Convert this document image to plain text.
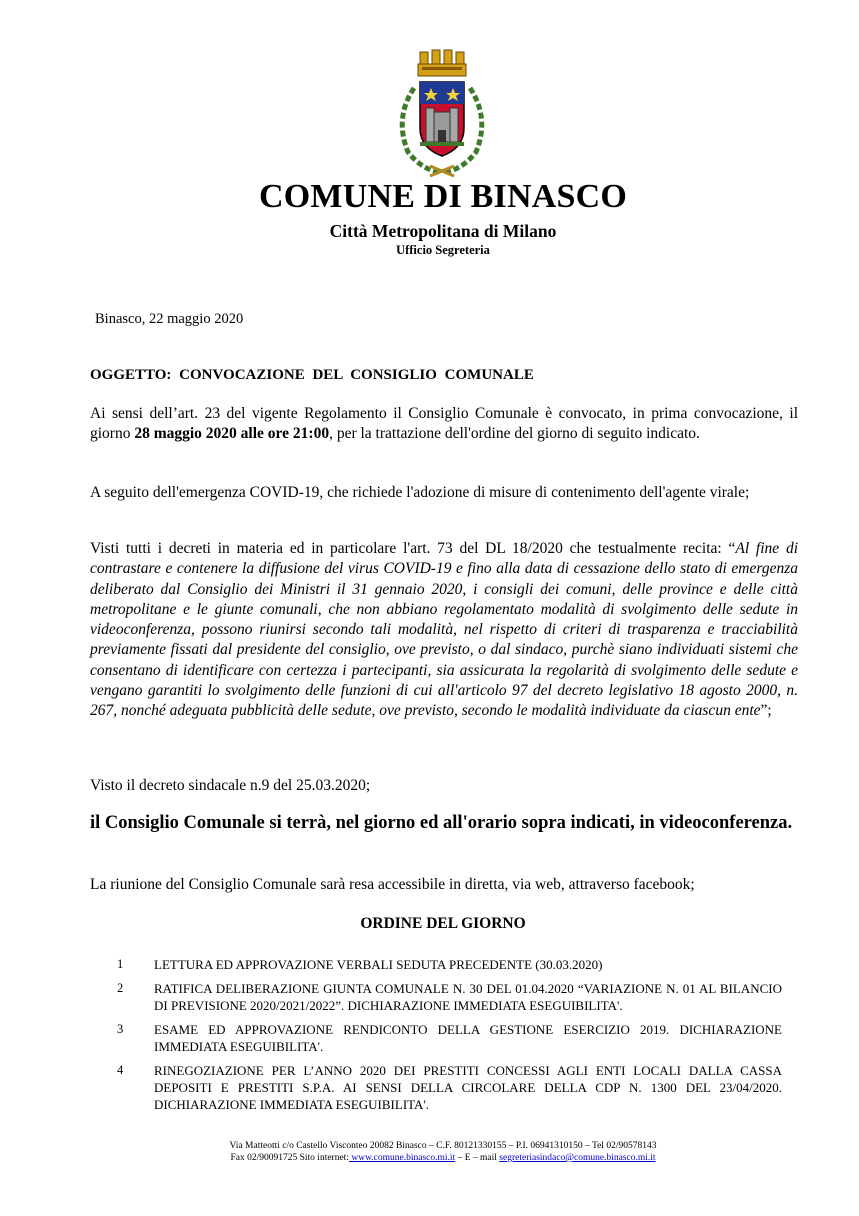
COMUNE DI BINASCO
Città Metropolitana di Milano
Ufficio Segreteria
Binasco, 22 maggio 2020
OGGETTO: CONVOCAZIONE DEL CONSIGLIO COMUNALE

Ai sensi dell’art. 23 del vigente Regolamento il Consiglio Comunale è convocato, in prima convocazione, il giorno 28 maggio 2020 alle ore 21:00, per la trattazione dell'ordine del giorno di seguito indicato.

A seguito dell'emergenza COVID-19, che richiede l'adozione di misure di contenimento dell'agente virale;

Visti tutti i decreti in materia ed in particolare l'art. 73 del DL 18/2020 che testualmente recita: “Al fine di contrastare e contenere la diffusione del virus COVID-19 e fino alla data di cessazione dello stato di emergenza deliberato dal Consiglio dei Ministri il 31 gennaio 2020, i consigli dei comuni, delle province e delle città metropolitane e le giunte comunali, che non abbiano regolamentato modalità di svolgimento delle sedute in videoconferenza, possono riunirsi secondo tali modalità, nel rispetto di criteri di trasparenza e tracciabilità previamente fissati dal presidente del consiglio, ove previsto, o dal sindaco, purchè siano individuati sistemi che consentano di identificare con certezza i partecipanti, sia assicurata la regolarità di svolgimento delle sedute e vengano garantiti lo svolgimento delle funzioni di cui all'articolo 97 del decreto legislativo 18 agosto 2000, n. 267, nonché adeguata pubblicità delle sedute, ove previsto, secondo le modalità individuate da ciascun ente”;

Visto il decreto sindacale n.9 del 25.03.2020;

il Consiglio Comunale si terrà, nel giorno ed all'orario sopra indicati, in videoconferenza.

La riunione del Consiglio Comunale sarà resa accessibile in diretta, via web, attraverso facebook;

ORDINE DEL GIORNO
1	LETTURA ED APPROVAZIONE VERBALI SEDUTA PRECEDENTE (30.03.2020)
2	RATIFICA DELIBERAZIONE GIUNTA COMUNALE N. 30 DEL 01.04.2020 “VARIAZIONE N. 01 AL BILANCIO DI PREVISIONE 2020/2021/2022”. DICHIARAZIONE IMMEDIATA ESEGUIBILITA'.
3	ESAME ED APPROVAZIONE RENDICONTO DELLA GESTIONE ESERCIZIO 2019. DICHIARAZIONE IMMEDIATA ESEGUIBILITA'.
4	RINEGOZIAZIONE PER L’ANNO 2020 DEI PRESTITI CONCESSI AGLI ENTI LOCALI DALLA CASSA DEPOSITI E PRESTITI S.P.A. AI SENSI DELLA CIRCOLARE DELLA CDP N. 1300 DEL 23/04/2020. DICHIARAZIONE IMMEDIATA ESEGUIBILITA'.
Via Matteotti c/o Castello Visconteo 20082 Binasco – C.F. 80121330155 – P.I. 06941310150 – Tel 02/90578143
Fax 02/90091725 Sito internet: www.comune.binasco.mi.it – E – mail segreteriasindaco@comune.binasco.mi.it
